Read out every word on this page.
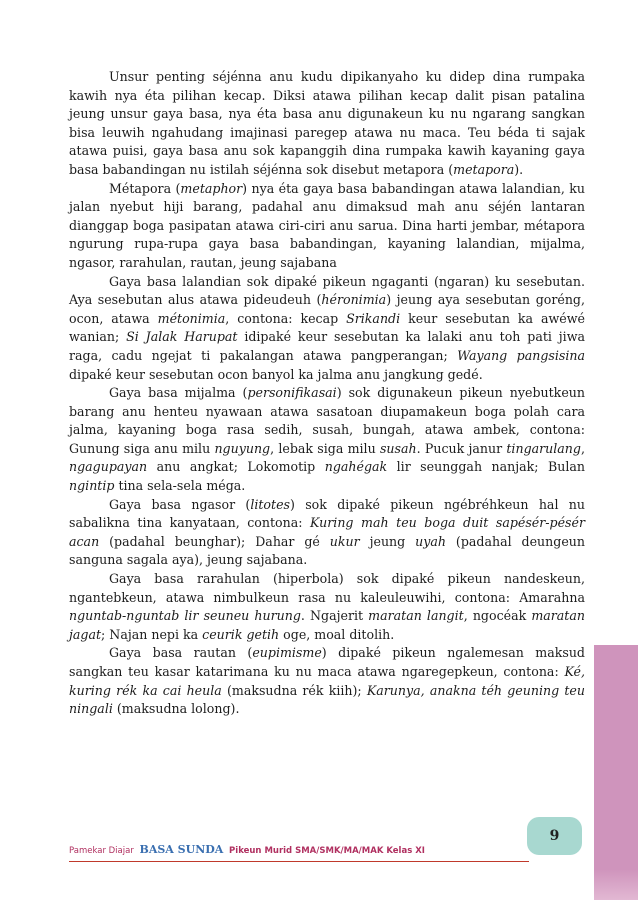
Unsur penting séjénna anu kudu dipikanyaho ku didep dina rumpaka kawih nya éta pilihan kecap. Diksi atawa pilihan kecap dalit pisan patalina jeung unsur gaya basa, nya éta basa anu digunakeun ku nu ngarang sangkan bisa leuwih ngahudang imajinasi paregep atawa nu maca. Teu béda ti sajak atawa puisi, gaya basa anu sok kapanggih dina rumpaka kawih kayaning gaya basa babandingan nu istilah séjénna sok disebut metapora (metapora).

Métapora (metaphor) nya éta gaya basa babandingan atawa lalandian, ku jalan nyebut hiji barang, padahal anu dimaksud mah anu séjén lantaran dianggap boga pasipatan atawa ciri-ciri anu sarua. Dina harti jembar, métapora ngurung rupa-rupa gaya basa babandingan, kayaning lalandian, mijalma, ngasor, rarahulan, rautan, jeung sajabana

Gaya basa lalandian sok dipaké pikeun ngaganti (ngaran) ku sesebutan. Aya sesebutan alus atawa pideudeuh (héronimia) jeung aya sesebutan goréng, ocon, atawa métonimia, contona: kecap Srikandi keur sesebutan ka awéwé wanian; Si Jalak Harupat idipaké keur sesebutan ka lalaki anu toh pati jiwa raga, cadu ngejat ti pakalangan atawa pangperangan; Wayang pangsisina dipaké keur sesebutan ocon banyol ka jalma anu jangkung gedé.

Gaya basa mijalma (personifikasai) sok digunakeun pikeun nyebutkeun barang anu henteu nyawaan atawa sasatoan diupamakeun boga polah cara jalma, kayaning boga rasa sedih, susah, bungah, atawa ambek, contona: Gunung siga anu milu nguyung, lebak siga milu susah. Pucuk janur tingarulang, ngagupayan anu angkat; Lokomotip ngahégak lir seunggah nanjak; Bulan ngintip tina sela-sela méga.

Gaya basa ngasor (litotes) sok dipaké pikeun ngébréhkeun hal nu sabalikna tina kanyataan, contona: Kuring mah teu boga duit sapésér-pésér acan (padahal beunghar); Dahar gé ukur jeung uyah (padahal deungeun sanguna sagala aya), jeung sajabana.

Gaya basa rarahulan (hiperbola) sok dipaké pikeun nandeskeun, ngantebkeun, atawa nimbulkeun rasa nu kaleuleuwihi, contona: Amarahna nguntab-nguntab lir seuneu hurung. Ngajerit maratan langit, ngocéak maratan jagat; Najan nepi ka ceurik getih oge, moal ditolih.

Gaya basa rautan (eupimisme) dipaké pikeun ngalemesan maksud sangkan teu kasar katarimana ku nu maca atawa ngaregepkeun, contona: Ké, kuring rék ka cai heula (maksudna rék kiih); Karunya, anakna téh geuning teu ningali (maksudna lolong).

Pamekar Diajar BASA SUNDA Pikeun Murid SMA/SMK/MA/MAK Kelas XI
9
